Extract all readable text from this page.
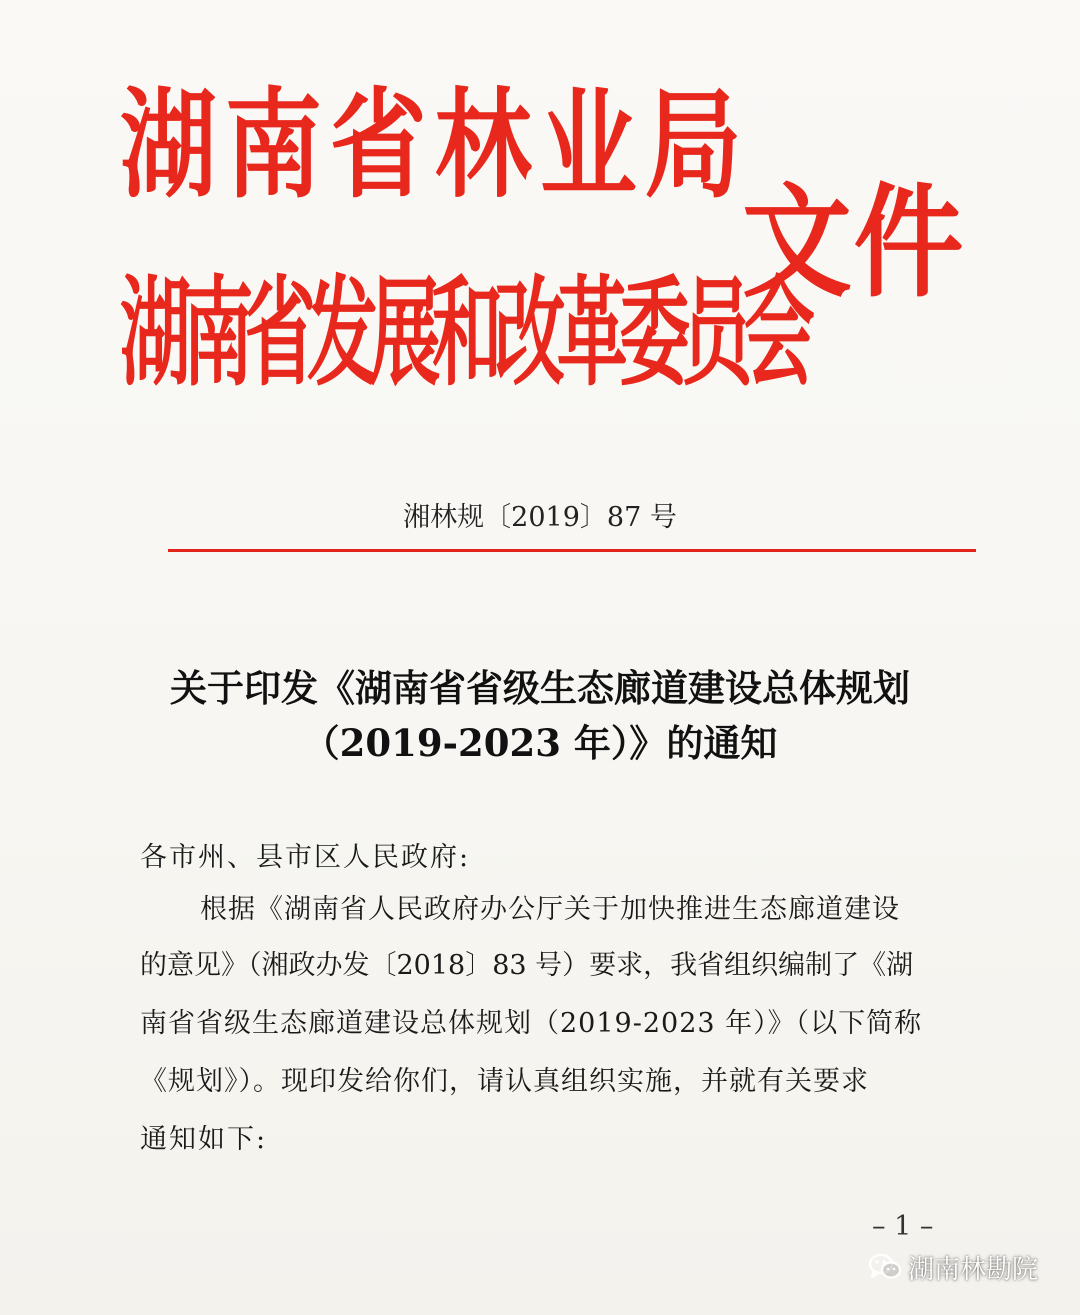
湖南省林业局
湖南省发展和改革委员会
文件
湘林规〔2019〕87 号
关于印发《湖南省省级生态廊道建设总体规划
（2019-2023 年）》的通知
各市州、县市区人民政府:
根据《湖南省人民政府办公厅关于加快推进生态廊道建设
的意见》（湘政办发〔2018〕83 号）要求，我省组织编制了《湖
南省省级生态廊道建设总体规划（2019-2023 年）》（以下简称
《规划》）。现印发给你们，请认真组织实施，并就有关要求
通知如下:
– 1 –
湖南林勘院
